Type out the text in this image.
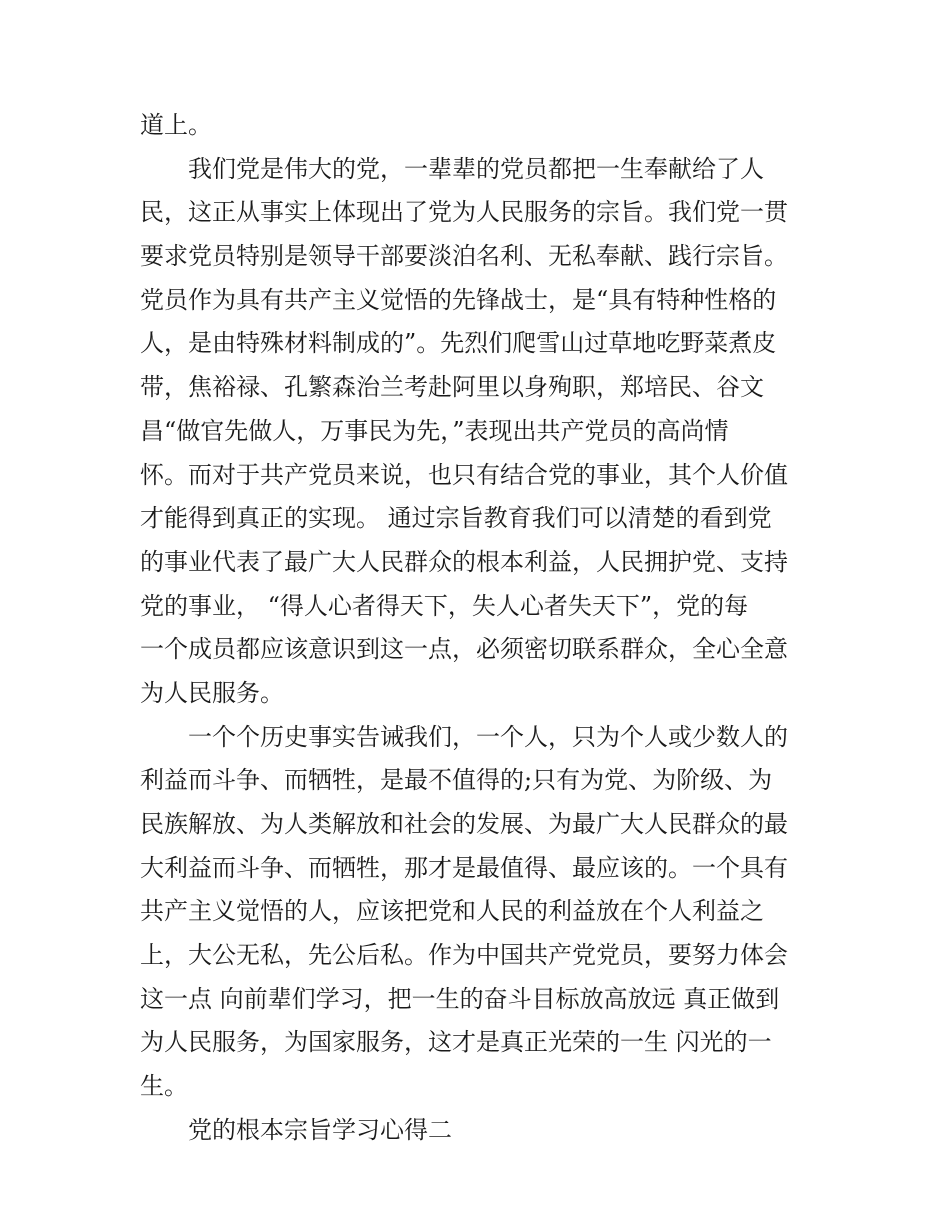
道上。
我们党是伟大的党，一辈辈的党员都把一生奉献给了人
民，这正从事实上体现出了党为人民服务的宗旨。我们党一贯
要求党员特别是领导干部要淡泊名利、无私奉献、践行宗旨。
党员作为具有共产主义觉悟的先锋战士，是“具有特种性格的
人，是由特殊材料制成的”。先烈们爬雪山过草地吃野菜煮皮
带，焦裕禄、孔繁森治兰考赴阿里以身殉职，郑培民、谷文
昌“做官先做人，万事民为先，”表现出共产党员的高尚情
怀。而对于共产党员来说，也只有结合党的事业，其个人价值
才能得到真正的实现。 通过宗旨教育我们可以清楚的看到党
的事业代表了最广大人民群众的根本利益，人民拥护党、支持
党的事业， “得人心者得天下，失人心者失天下”，党的每
一个成员都应该意识到这一点，必须密切联系群众，全心全意
为人民服务。
一个个历史事实告诫我们，一个人，只为个人或少数人的
利益而斗争、而牺牲，是最不值得的;只有为党、为阶级、为
民族解放、为人类解放和社会的发展、为最广大人民群众的最
大利益而斗争、而牺牲，那才是最值得、最应该的。一个具有
共产主义觉悟的人，应该把党和人民的利益放在个人利益之
上，大公无私，先公后私。作为中国共产党党员，要努力体会
这一点 向前辈们学习，把一生的奋斗目标放高放远 真正做到
为人民服务，为国家服务，这才是真正光荣的一生 闪光的一
生。
党的根本宗旨学习心得二
